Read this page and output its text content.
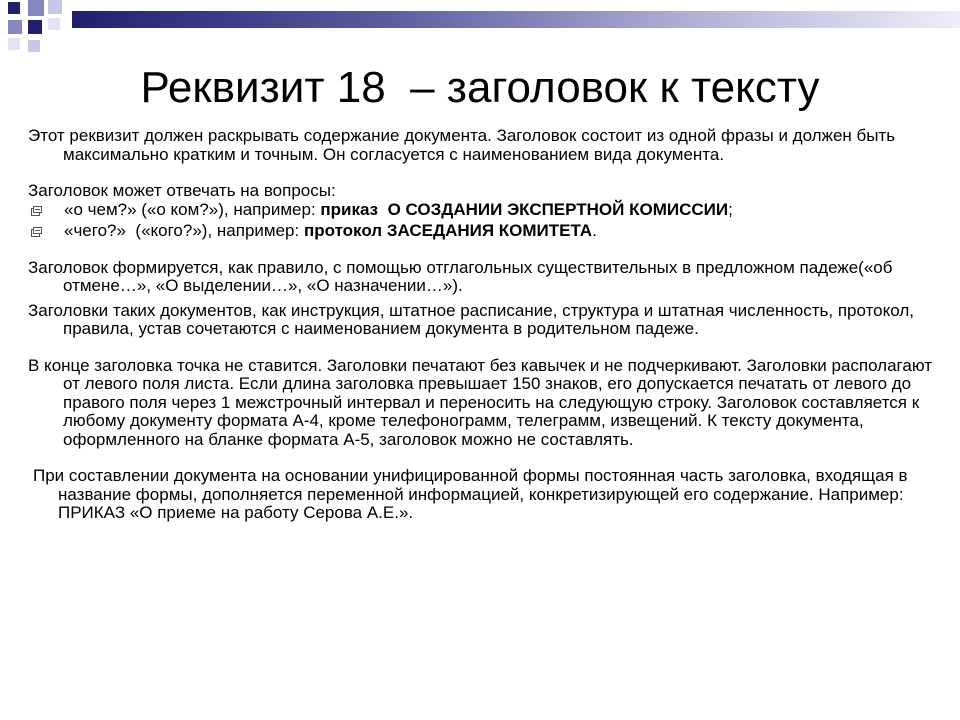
Реквизит 18  – заголовок к тексту

Этот реквизит должен раскрывать содержание документа. Заголовок состоит из одной фразы и должен быть максимально кратким и точным. Он согласуется с наименованием вида документа.

Заголовок может отвечать на вопросы:

«о чем?» («о ком?»), например: приказ  О СОЗДАНИИ ЭКСПЕРТНОЙ КОМИССИИ;

«чего?»  («кого?»), например: протокол ЗАСЕДАНИЯ КОМИТЕТА.

Заголовок формируется, как правило, с помощью отглагольных существительных в предложном падеже(«об отмене…», «О выделении…», «О назначении…»).

Заголовки таких документов, как инструкция, штатное расписание, структура и штатная численность, протокол, правила, устав сочетаются с наименованием документа в родительном падеже.

В конце заголовка точка не ставится. Заголовки печатают без кавычек и не подчеркивают. Заголовки располагают от левого поля листа. Если длина заголовка превышает 150 знаков, его допускается печатать от левого до правого поля через 1 межстрочный интервал и переносить на следующую строку. Заголовок составляется к любому документу формата А-4, кроме телефонограмм, телеграмм, извещений. К тексту документа, оформленного на бланке формата А-5, заголовок можно не составлять.

При составлении документа на основании унифицированной формы постоянная часть заголовка, входящая в название формы, дополняется переменной информацией, конкретизирующей его содержание. Например: ПРИКАЗ «О приеме на работу Серова А.Е.».
